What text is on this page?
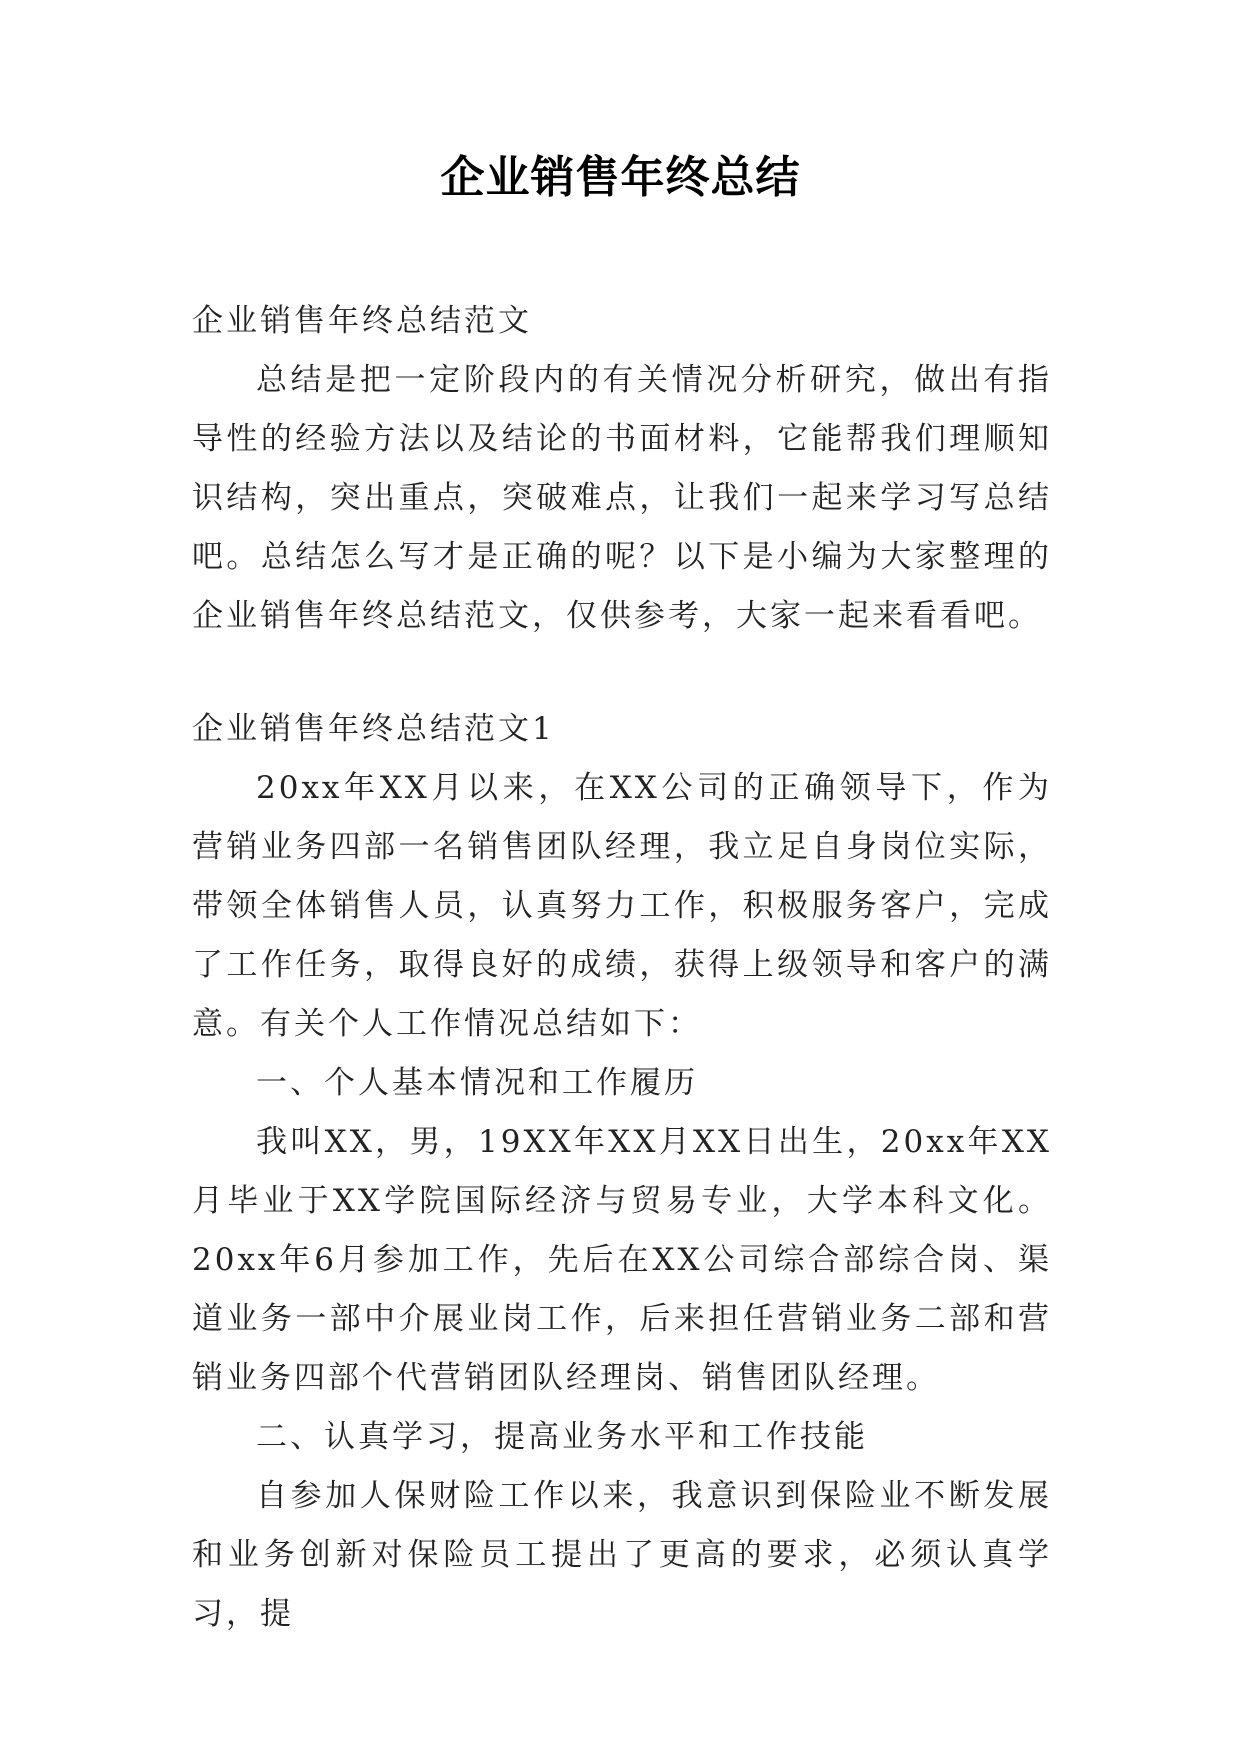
企业销售年终总结

企业销售年终总结范文

总结是把一定阶段内的有关情况分析研究，做出有指导性的经验方法以及结论的书面材料，它能帮我们理顺知识结构，突出重点，突破难点，让我们一起来学习写总结吧。总结怎么写才是正确的呢？以下是小编为大家整理的企业销售年终总结范文，仅供参考，大家一起来看看吧。

企业销售年终总结范文1

20xx年XX月以来，在XX公司的正确领导下，作为营销业务四部一名销售团队经理，我立足自身岗位实际，带领全体销售人员，认真努力工作，积极服务客户，完成了工作任务，取得良好的成绩，获得上级领导和客户的满意。有关个人工作情况总结如下：

一、个人基本情况和工作履历

我叫XX，男，19XX年XX月XX日出生，20xx年XX月毕业于XX学院国际经济与贸易专业，大学本科文化。20xx年6月参加工作，先后在XX公司综合部综合岗、渠道业务一部中介展业岗工作，后来担任营销业务二部和营销业务四部个代营销团队经理岗、销售团队经理。

二、认真学习，提高业务水平和工作技能

自参加人保财险工作以来，我意识到保险业不断发展和业务创新对保险员工提出了更高的要求，必须认真学习，提
